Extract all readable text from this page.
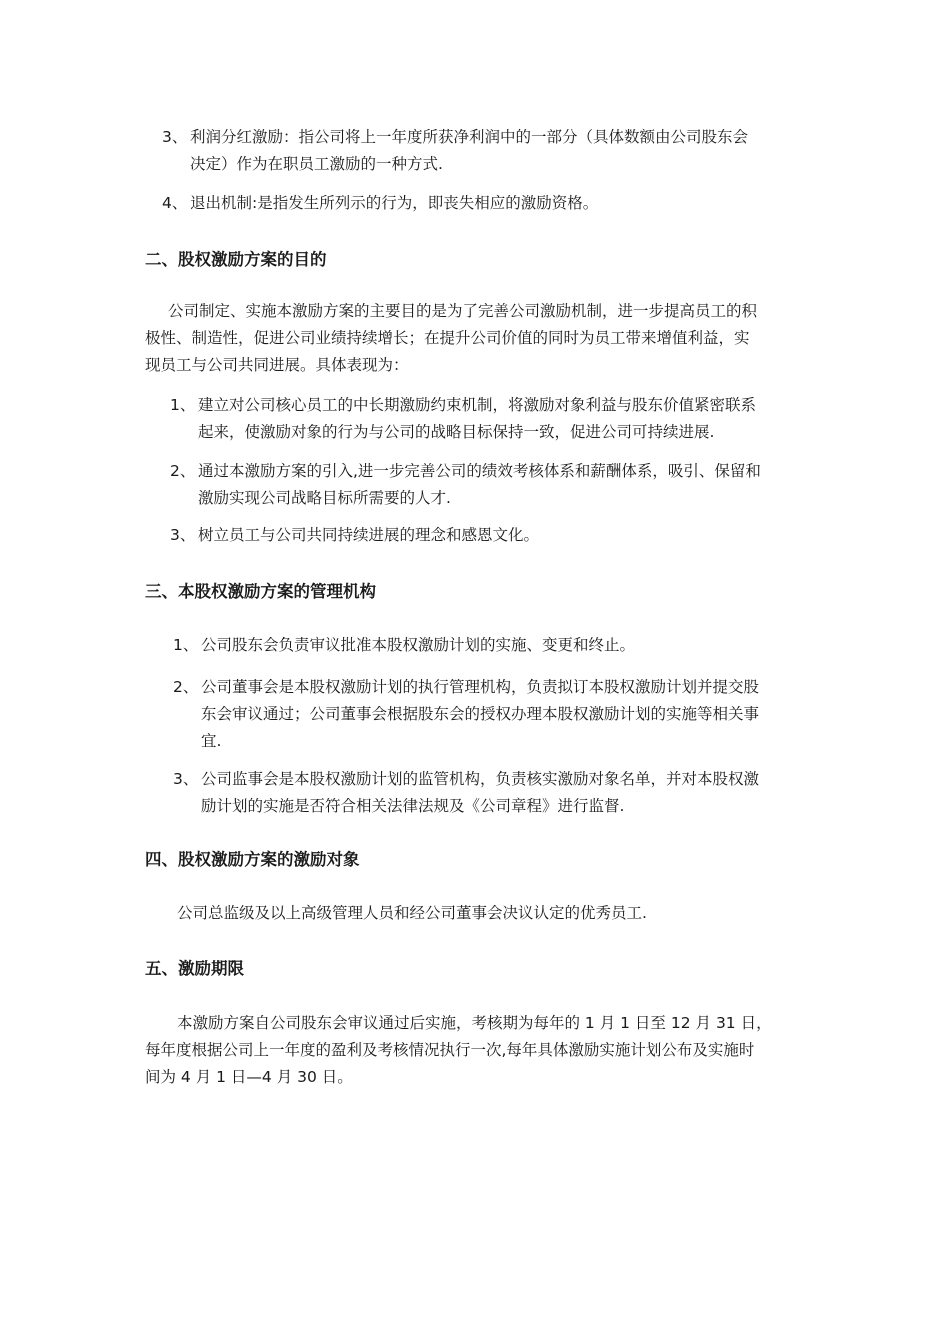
3、 利润分红激励：指公司将上一年度所获净利润中的一部分（具体数额由公司股东会
决定）作为在职员工激励的一种方式.
4、 退出机制:是指发生所列示的行为，即丧失相应的激励资格。
二、股权激励方案的目的
公司制定、实施本激励方案的主要目的是为了完善公司激励机制，进一步提高员工的积
极性、制造性，促进公司业绩持续增长；在提升公司价值的同时为员工带来增值利益，实
现员工与公司共同进展。具体表现为：
1、 建立对公司核心员工的中长期激励约束机制，将激励对象利益与股东价值紧密联系
起来，使激励对象的行为与公司的战略目标保持一致，促进公司可持续进展.
2、 通过本激励方案的引入,进一步完善公司的绩效考核体系和薪酬体系，吸引、保留和
激励实现公司战略目标所需要的人才.
3、 树立员工与公司共同持续进展的理念和感恩文化。
三、本股权激励方案的管理机构
1、 公司股东会负责审议批准本股权激励计划的实施、变更和终止。
2、 公司董事会是本股权激励计划的执行管理机构，负责拟订本股权激励计划并提交股
东会审议通过；公司董事会根据股东会的授权办理本股权激励计划的实施等相关事
宜.
3、 公司监事会是本股权激励计划的监管机构，负责核实激励对象名单，并对本股权激
励计划的实施是否符合相关法律法规及《公司章程》进行监督.
四、股权激励方案的激励对象
公司总监级及以上高级管理人员和经公司董事会决议认定的优秀员工.
五、激励期限
本激励方案自公司股东会审议通过后实施，考核期为每年的 1 月 1 日至 12 月 31 日，
每年度根据公司上一年度的盈利及考核情况执行一次,每年具体激励实施计划公布及实施时
间为 4 月 1 日—4 月 30 日。
